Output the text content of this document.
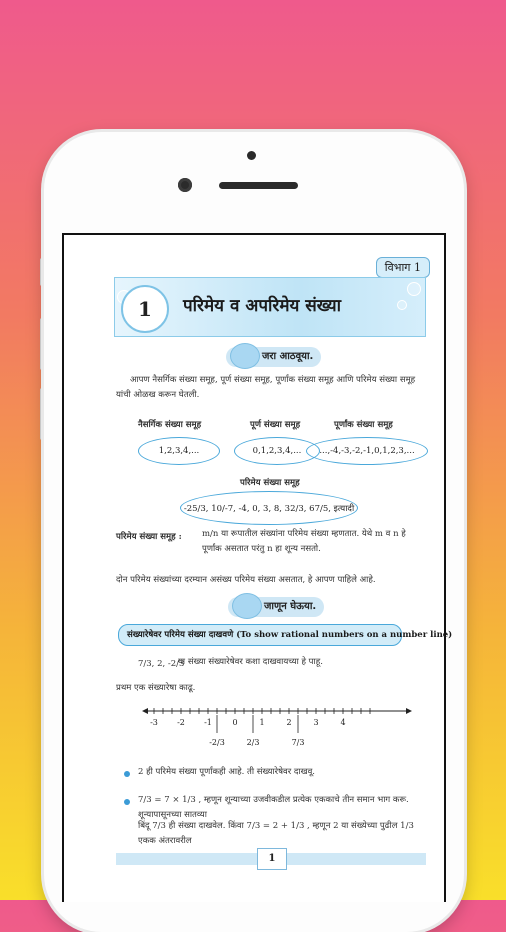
विभाग 1
1	परिमेय व अपरिमेय संख्या
जरा आठवूया.
आपण नैसर्गिक संख्या समूह, पूर्ण संख्या समूह, पूर्णांक संख्या समूह आणि परिमेय संख्या समूह यांची ओळख करून घेतली.
नैसर्गिक संख्या समूह	पूर्ण संख्या समूह	पूर्णांक संख्या समूह
1,2,3,4,...	0,1,2,3,4,...	...,-4,-3,-2,-1,0,1,2,3,...
परिमेय संख्या समूह
-25/3, 10/-7, -4, 0, 3, 8, 32/3, 67/5, इत्यादी
परिमेय संख्या समूह : m/n या रूपातील संख्यांना परिमेय संख्या म्हणतात. येथे m व n हे पूर्णांक असतात परंतु n हा शून्य नसतो.
दोन परिमेय संख्यांच्या दरम्यान असंख्य परिमेय संख्या असतात, हे आपण पाहिले आहे.
जाणून घेऊया.
संख्यारेषेवर परिमेय संख्या दाखवणे (To show rational numbers on a number line)
7/3, 2, -2/3
या संख्या संख्यारेषेवर कशा दाखवायच्या हे पाहू.
प्रथम एक संख्यारेषा काढू.
-3 -2 -1	0	1	2	3	4
-2/3	2/3	7/3
2 ही परिमेय संख्या पूर्णांकही आहे. ती संख्यारेषेवर दाखवू.
7/3 = 7 × 1/3 , म्हणून शून्याच्या उजवीकडील प्रत्येक एककाचे तीन समान भाग करू. शून्यापासूनच्या सातव्या
बिंदू 7/3 ही संख्या दाखवेल. किंवा 7/3 = 2 + 1/3 , म्हणून 2 या संख्येच्या पुढील 1/3 एकक अंतरावरील
1
